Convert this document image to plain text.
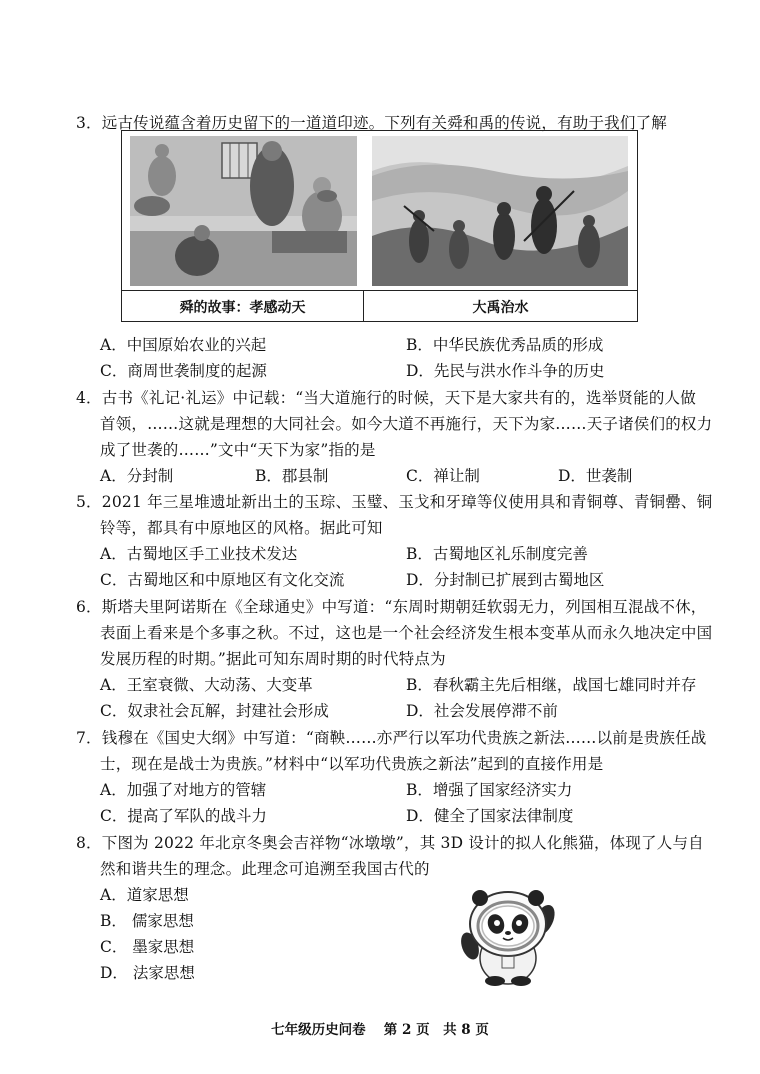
3．远古传说蕴含着历史留下的一道道印迹。下列有关舜和禹的传说，有助于我们了解
舜的故事：孝感动天	大禹治水
A．中国原始农业的兴起	B．中华民族优秀品质的形成
C．商周世袭制度的起源	D．先民与洪水作斗争的历史
4．古书《礼记·礼运》中记载：“当大道施行的时候，天下是大家共有的，选举贤能的人做
首领，……这就是理想的大同社会。如今大道不再施行，天下为家……天子诸侯们的权力
成了世袭的……”文中“天下为家”指的是
A．分封制	B．郡县制	C．禅让制	D．世袭制
5．2021 年三星堆遗址新出土的玉琮、玉璧、玉戈和牙璋等仪使用具和青铜尊、青铜罍、铜
铃等，都具有中原地区的风格。据此可知
A．古蜀地区手工业技术发达	B．古蜀地区礼乐制度完善
C．古蜀地区和中原地区有文化交流	D．分封制已扩展到古蜀地区
6．斯塔夫里阿诺斯在《全球通史》中写道：“东周时期朝廷软弱无力，列国相互混战不休，
表面上看来是个多事之秋。不过，这也是一个社会经济发生根本变革从而永久地决定中国
发展历程的时期。”据此可知东周时期的时代特点为
A．王室衰微、大动荡、大变革	B．春秋霸主先后相继，战国七雄同时并存
C．奴隶社会瓦解，封建社会形成	D．社会发展停滞不前
7．钱穆在《国史大纲》中写道：“商鞅……亦严行以军功代贵族之新法……以前是贵族任战
士，现在是战士为贵族。”材料中“以军功代贵族之新法”起到的直接作用是
A．加强了对地方的管辖	B．增强了国家经济实力
C．提高了军队的战斗力	D．健全了国家法律制度
8．下图为 2022 年北京冬奥会吉祥物“冰墩墩”，其 3D 设计的拟人化熊猫，体现了人与自
然和谐共生的理念。此理念可追溯至我国古代的
A．道家思想
B． 儒家思想
C． 墨家思想
D． 法家思想
七年级历史问卷　 第 2 页　共 8 页
